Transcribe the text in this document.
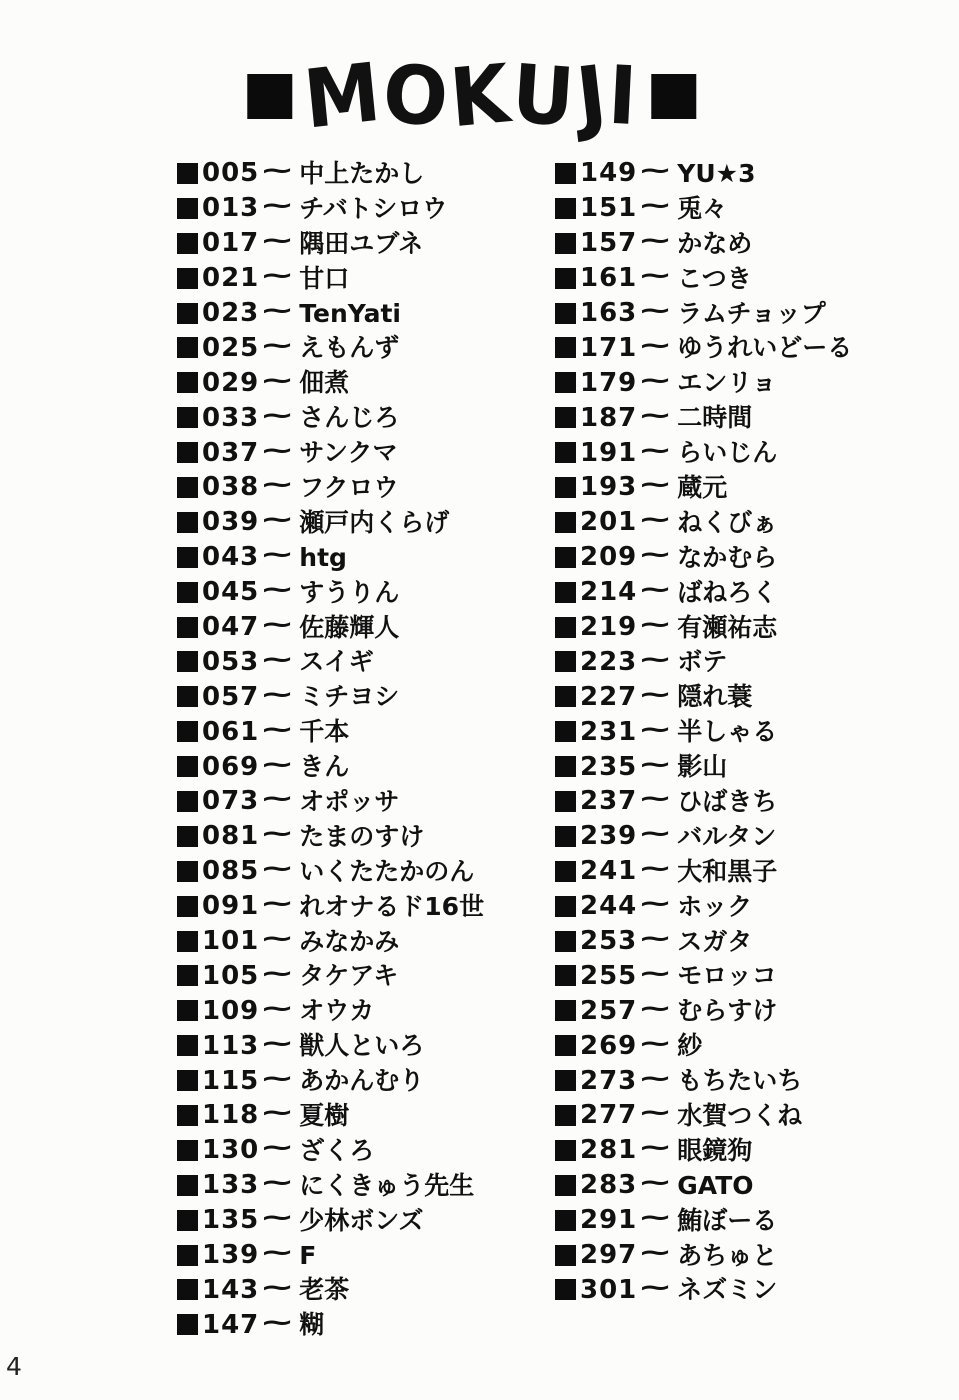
MOKUJI
005 ~ 中上たかし
013 ~ チバトシロウ
017 ~ 隅田ユブネ
021 ~ 甘口
023 ~ TenYati
025 ~ えもんず
029 ~ 佃煮
033 ~ さんじろ
037 ~ サンクマ
038 ~ フクロウ
039 ~ 瀬戸内くらげ
043 ~ htg
045 ~ すうりん
047 ~ 佐藤輝人
053 ~ スイギ
057 ~ ミチヨシ
061 ~ 千本
069 ~ きん
073 ~ オポッサ
081 ~ たまのすけ
085 ~ いくたたかのん
091 ~ れオナるド16世
101 ~ みなかみ
105 ~ タケアキ
109 ~ オウカ
113 ~ 獣人といろ
115 ~ あかんむり
118 ~ 夏樹
130 ~ ざくろ
133 ~ にくきゅう先生
135 ~ 少林ボンズ
139 ~ F
143 ~ 老茶
147 ~ 糊
149 ~ YU★3
151 ~ 兎々
157 ~ かなめ
161 ~ こつき
163 ~ ラムチョップ
171 ~ ゆうれいどーる
179 ~ エンリョ
187 ~ 二時間
191 ~ らいじん
193 ~ 蔵元
201 ~ ねくびぁ
209 ~ なかむら
214 ~ ばねろく
219 ~ 有瀬祐志
223 ~ ボテ
227 ~ 隠れ蓑
231 ~ 半しゃる
235 ~ 影山
237 ~ ひばきち
239 ~ バルタン
241 ~ 大和黒子
244 ~ ホック
253 ~ スガタ
255 ~ モロッコ
257 ~ むらすけ
269 ~ 紗
273 ~ もちたいち
277 ~ 水賀つくね
281 ~ 眼鏡狗
283 ~ GATO
291 ~ 鮪ぼーる
297 ~ あちゅと
301 ~ ネズミン
4
